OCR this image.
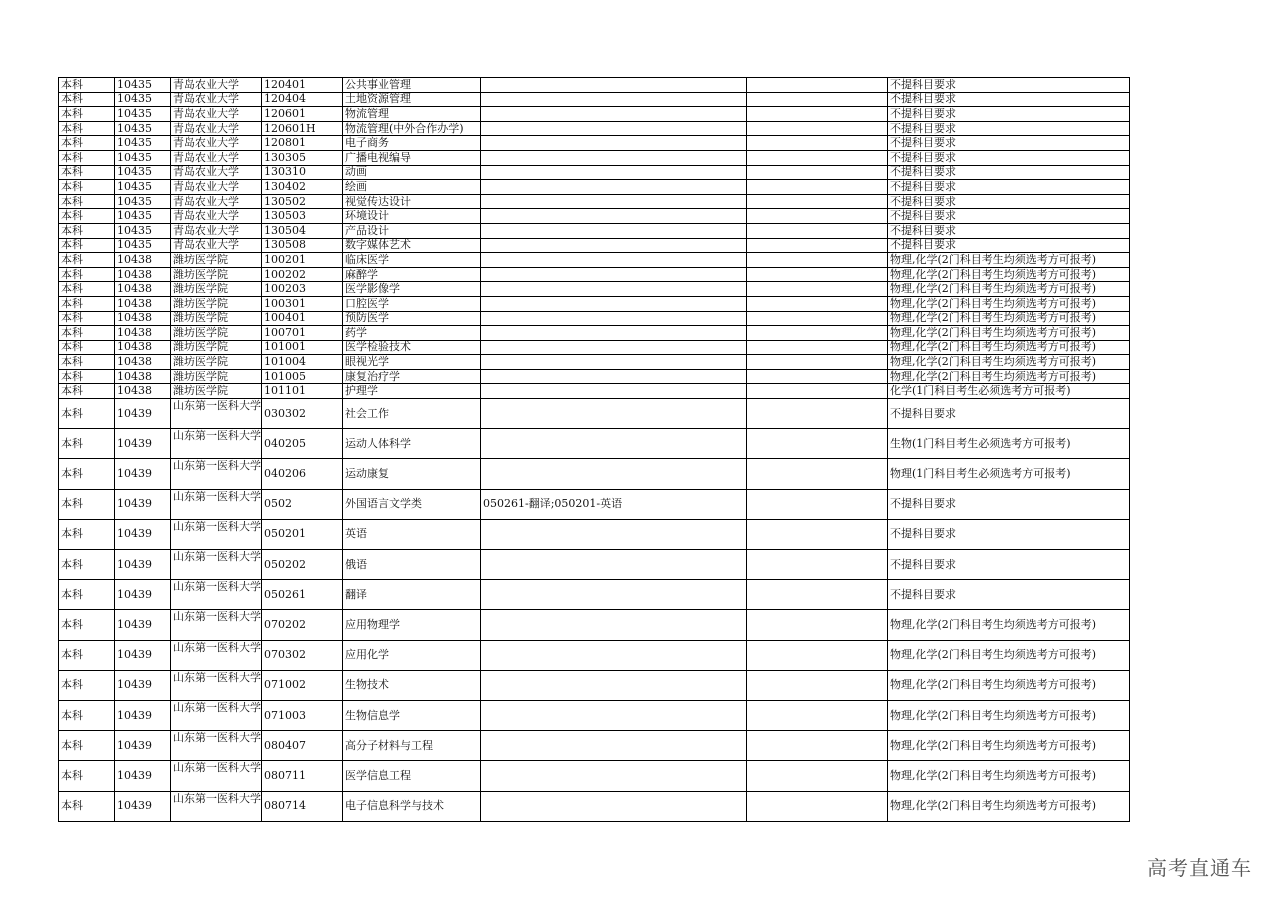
本科	10435	青岛农业大学	120401	公共事业管理			不提科目要求
本科	10435	青岛农业大学	120404	土地资源管理			不提科目要求
本科	10435	青岛农业大学	120601	物流管理			不提科目要求
本科	10435	青岛农业大学	120601H	物流管理(中外合作办学)			不提科目要求
本科	10435	青岛农业大学	120801	电子商务			不提科目要求
本科	10435	青岛农业大学	130305	广播电视编导			不提科目要求
本科	10435	青岛农业大学	130310	动画			不提科目要求
本科	10435	青岛农业大学	130402	绘画			不提科目要求
本科	10435	青岛农业大学	130502	视觉传达设计			不提科目要求
本科	10435	青岛农业大学	130503	环境设计			不提科目要求
本科	10435	青岛农业大学	130504	产品设计			不提科目要求
本科	10435	青岛农业大学	130508	数字媒体艺术			不提科目要求
本科	10438	潍坊医学院	100201	临床医学			物理,化学(2门科目考生均须选考方可报考)
本科	10438	潍坊医学院	100202	麻醉学			物理,化学(2门科目考生均须选考方可报考)
本科	10438	潍坊医学院	100203	医学影像学			物理,化学(2门科目考生均须选考方可报考)
本科	10438	潍坊医学院	100301	口腔医学			物理,化学(2门科目考生均须选考方可报考)
本科	10438	潍坊医学院	100401	预防医学			物理,化学(2门科目考生均须选考方可报考)
本科	10438	潍坊医学院	100701	药学			物理,化学(2门科目考生均须选考方可报考)
本科	10438	潍坊医学院	101001	医学检验技术			物理,化学(2门科目考生均须选考方可报考)
本科	10438	潍坊医学院	101004	眼视光学			物理,化学(2门科目考生均须选考方可报考)
本科	10438	潍坊医学院	101005	康复治疗学			物理,化学(2门科目考生均须选考方可报考)
本科	10438	潍坊医学院	101101	护理学			化学(1门科目考生必须选考方可报考)
本科	10439	山东第一医科大学	030302	社会工作			不提科目要求
本科	10439	山东第一医科大学	040205	运动人体科学			生物(1门科目考生必须选考方可报考)
本科	10439	山东第一医科大学	040206	运动康复			物理(1门科目考生必须选考方可报考)
本科	10439	山东第一医科大学	0502	外国语言文学类	050261-翻译;050201-英语		不提科目要求
本科	10439	山东第一医科大学	050201	英语			不提科目要求
本科	10439	山东第一医科大学	050202	俄语			不提科目要求
本科	10439	山东第一医科大学	050261	翻译			不提科目要求
本科	10439	山东第一医科大学	070202	应用物理学			物理,化学(2门科目考生均须选考方可报考)
本科	10439	山东第一医科大学	070302	应用化学			物理,化学(2门科目考生均须选考方可报考)
本科	10439	山东第一医科大学	071002	生物技术			物理,化学(2门科目考生均须选考方可报考)
本科	10439	山东第一医科大学	071003	生物信息学			物理,化学(2门科目考生均须选考方可报考)
本科	10439	山东第一医科大学	080407	高分子材料与工程			物理,化学(2门科目考生均须选考方可报考)
本科	10439	山东第一医科大学	080711	医学信息工程			物理,化学(2门科目考生均须选考方可报考)
本科	10439	山东第一医科大学	080714	电子信息科学与技术			物理,化学(2门科目考生均须选考方可报考)
高考直通车
